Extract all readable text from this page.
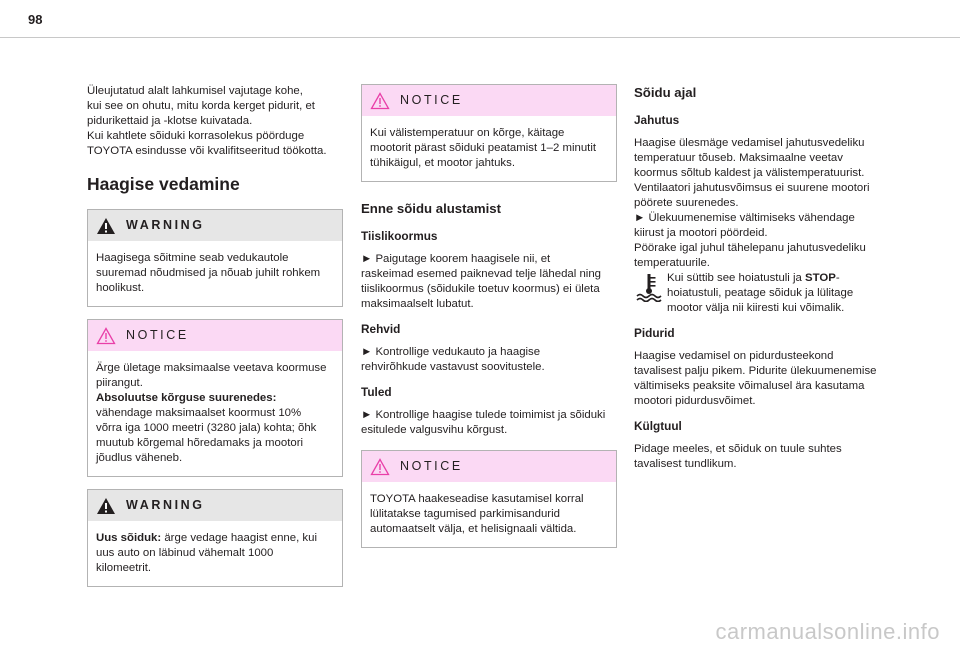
98

Üleujutatud alalt lahkumisel vajutage kohe,
kui see on ohutu, mitu korda kerget pidurit, et
piduri​kettaid ja -klotse kuivatada.
Kui kahtlete sõiduki korrasolekus pöörduge
TOYOTA esindusse või kvalifitseeritud töökotta.

Haagise vedamine
WARNING
Haagisega sõitmine seab vedukautole
suuremad nõudmised ja nõuab juhilt rohkem
hoolikust.
NOTICE
Ärge ületage maksimaalse veetava koormuse
piirangut.
Absoluutse kõrguse suurenedes:
vähendage maksimaalset koormust 10%
võrra iga 1000 meetri (3280 jala) kohta; õhk
muutub kõrgemal hõredamaks ja mootori
jõudlus väheneb.
WARNING
Uus sõiduk: ärge vedage haagist enne, kui
uus auto on läbinud vähemalt 1000
kilomeetrit.
NOTICE
Kui välistemperatuur on kõrge, käitage
mootorit pärast sõiduki peatamist 1–2 minutit
tühikäigul, et mootor jahtuks.
Enne sõidu alustamist
Tiislikoormus

► Paigutage koorem haagisele nii, et
raskeimad esemed paiknevad telje lähedal ning
tiislikoormus (sõidukile toetuv koormus) ei ületa
maksimaalselt lubatut.

Rehvid

► Kontrollige vedukauto ja haagise
rehvirõhkude vastavust soovitustele.

Tuled

► Kontrollige haagise tulede toimimist ja sõiduki
esitulede valgusvihu kõrgust.

NOTICE
TOYOTA haakeseadise kasutamisel korral
lülitatakse tagumised parkimisandurid
automaatselt välja, et helisignaali vältida.
Sõidu ajal
Jahutus

Haagise ülesmäge vedamisel jahutusvedeliku
temperatuur tõuseb. Maksimaalne veetav
koormus sõltub kaldest ja välistemperatuurist.
Ventilaatori jahutusvõimsus ei suurene mootori
pöörete suurenedes.
► Ülekuumenemise vältimiseks vähendage
kiirust ja mootori pöördeid.
Pöörake igal juhul tähelepanu jahutusvedeliku
temperatuurile.

Kui süttib see hoiatustuli ja STOP-
hoiatustuli, peatage sõiduk ja lülitage
mootor välja nii kiiresti kui võimalik.
Pidurid

Haagise vedamisel on pidurdusteekond
tavalisest palju pikem. Pidurite ülekuumenemise
vältimiseks peaksite võimalusel ära kasutama
mootori pidurdusvõimet.

Külgtuul

Pidage meeles, et sõiduk on tuule suhtes
tavalisest tundlikum.

carmanualsonline.info
